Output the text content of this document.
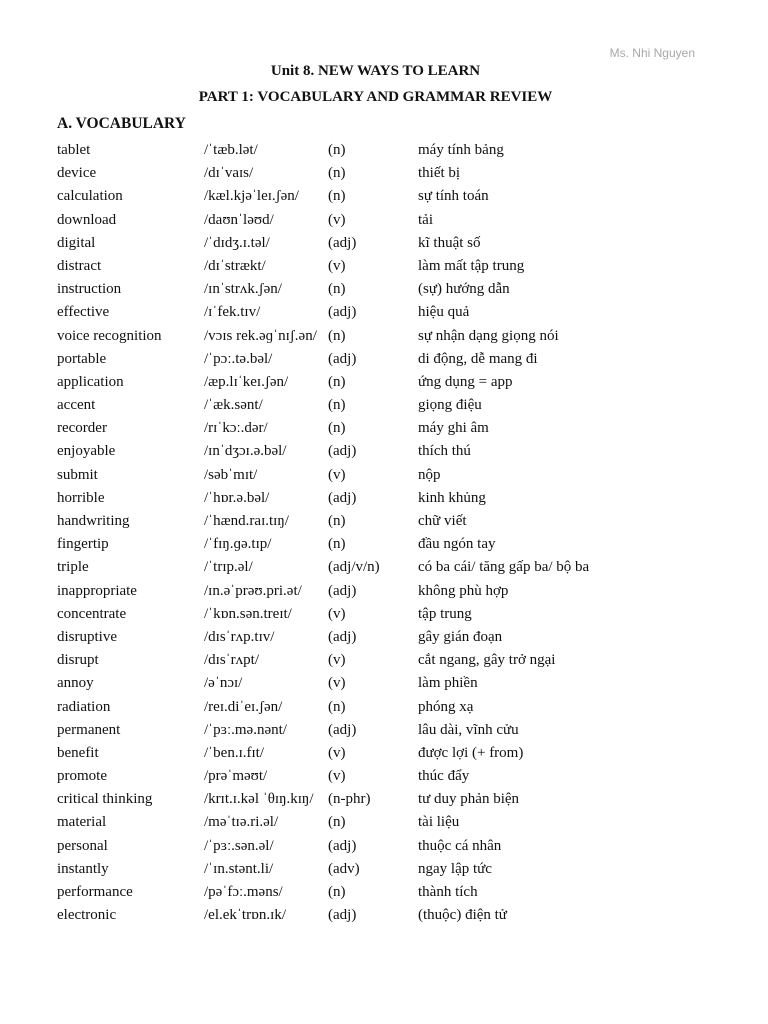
Ms. Nhi Nguyen
Unit 8. NEW WAYS TO LEARN
PART 1: VOCABULARY AND GRAMMAR REVIEW
A. VOCABULARY
tablet	/ˈtæb.lət/	(n)	máy tính bảng
device	/dɪˈvaɪs/	(n)	thiết bị
calculation	/kæl.kjəˈleɪ.ʃən/ (n)	sự tính toán
download	/daʊnˈləʊd/	(v)	tải
digital	/ˈdɪdʒ.ɪ.təl/	(adj)	kĩ thuật số
distract	/dɪˈstrækt/	(v)	làm mất tập trung
instruction	/ɪnˈstrʌk.ʃən/	(n)	(sự) hướng dẫn
effective	/ɪˈfek.tɪv/	(adj)	hiệu quả
voice recognition	/vɔɪs rek.əɡˈnɪʃ.ən/ (n)	sự nhận dạng giọng nói
portable	/ˈpɔː.tə.bəl/	(adj)	di động, dễ mang đi
application	/æp.lɪˈkeɪ.ʃən/	(n)	ứng dụng = app
accent	/ˈæk.sənt/	(n)	giọng điệu
recorder	/rɪˈkɔː.dər/	(n)	máy ghi âm
enjoyable	/ɪnˈdʒɔɪ.ə.bəl/	(adj)	thích thú
submit	/səbˈmɪt/	(v)	nộp
horrible	/ˈhɒr.ə.bəl/	(adj)	kinh khủng
handwriting	/ˈhænd.raɪ.tɪŋ/	(n)	chữ viết
fingertip	/ˈfɪŋ.ɡə.tɪp/	(n)	đầu ngón tay
triple	/ˈtrɪp.əl/	(adj/v/n)	có ba cái/ tăng gấp ba/ bộ ba
inappropriate	/ɪn.əˈprəʊ.pri.ət/ (adj)	không phù hợp
concentrate	/ˈkɒn.sən.treɪt/ (v)	tập trung
disruptive	/dɪsˈrʌp.tɪv/	(adj)	gây gián đoạn
disrupt	/dɪsˈrʌpt/	(v)	cắt ngang, gây trở ngại
annoy	/əˈnɔɪ/	(v)	làm phiền
radiation	/reɪ.diˈeɪ.ʃən/	(n)	phóng xạ
permanent	/ˈpɜː.mə.nənt/	(adj)	lâu dài, vĩnh cửu
benefit	/ˈben.ɪ.fɪt/	(v)	được lợi (+ from)
promote	/prəˈməʊt/	(v)	thúc đẩy
critical thinking	/krɪt.ɪ.kəl ˈθɪŋ.kɪŋ/ (n-phr)	tư duy phản biện
material	/məˈtɪə.ri.əl/	(n)	tài liệu
personal	/ˈpɜː.sən.əl/	(adj)	thuộc cá nhân
instantly	/ˈɪn.stənt.li/	(adv)	ngay lập tức
performance	/pəˈfɔː.məns/	(n)	thành tích
electronic	/el.ekˈtrɒn.ɪk/	(adj)	(thuộc) điện tử
